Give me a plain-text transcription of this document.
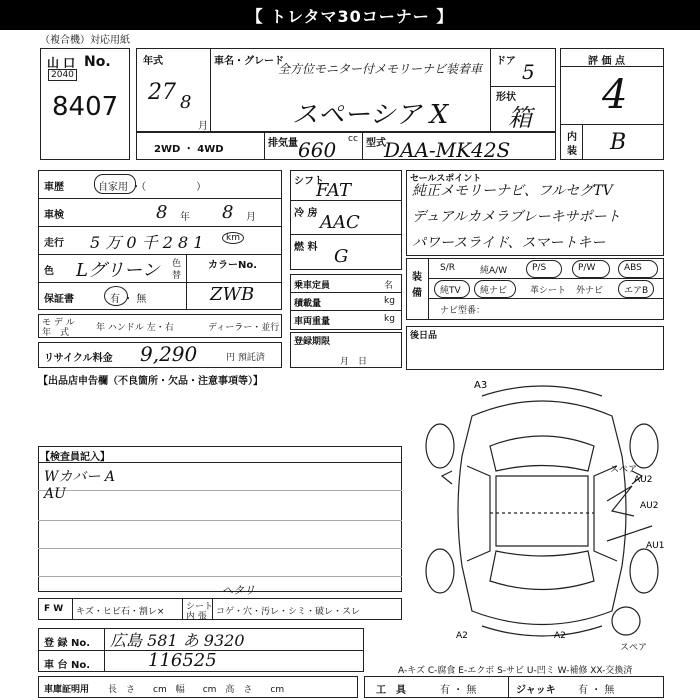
【 トレタマ30コーナー 】
（複合機）対応用紙
山 口 No.
2040
8407
年式
27 8
月
車名・グレード
全方位モニター付メモリーナビ装着車
スペーシア X
ドア 5
形状
箱
2WD ・ 4WD
排気量 660 cc 型式
DAA-MK42S
評 価 点
4
内
装 B
車歴	自家用 ・（　　　　　）
車検	8 年 8 月
走行 5 万 0 千 2 8 1	km
色 Lグリーン 色
替
カラーNo.
保証書	有 ・ 無	ZWB
モ デ ル
年　式	年 ハンドル 左・右	ディーラー・並行
リサイクル料金 9,290	円 預託済
【出品店申告欄（不良箇所・欠品・注意事項等）】
【検査員記入】
Wカバー A
AU
シフト
FAT
冷 房 AAC
燃 料 G
乗車定員	名
積載量	kg
車両重量	kg
登録期限
月　日
セールスポイント
純正メモリーナビ、フルセグTV
デュアルカメラブレーキサポート
パワースライド、スマートキー
装
備
S/R	純A/W	P/S	P/W	ABS
純TV 純ナビ	革シート 外ナビ エアB
ナビ型番：
後日品
A3
AU2
AU2
AU1
A2	A2
スペア
スペア
A-キズ C-腐食 E-エクボ S-サビ U-凹ミ W-補修 XX-交換済
F W キズ・ヒビ石・割レ× シート
内 張 コゲ・穴・汚レ・シミ・破レ・スレ
ヘタリ
登 録 No. 広島 581 あ 9320
車 台 No.	116525
車庫証明用 長　さ　　cm　幅　　cm　高　さ　　cm	工　具	有 ・ 無	ジャッキ 有 ・ 無
